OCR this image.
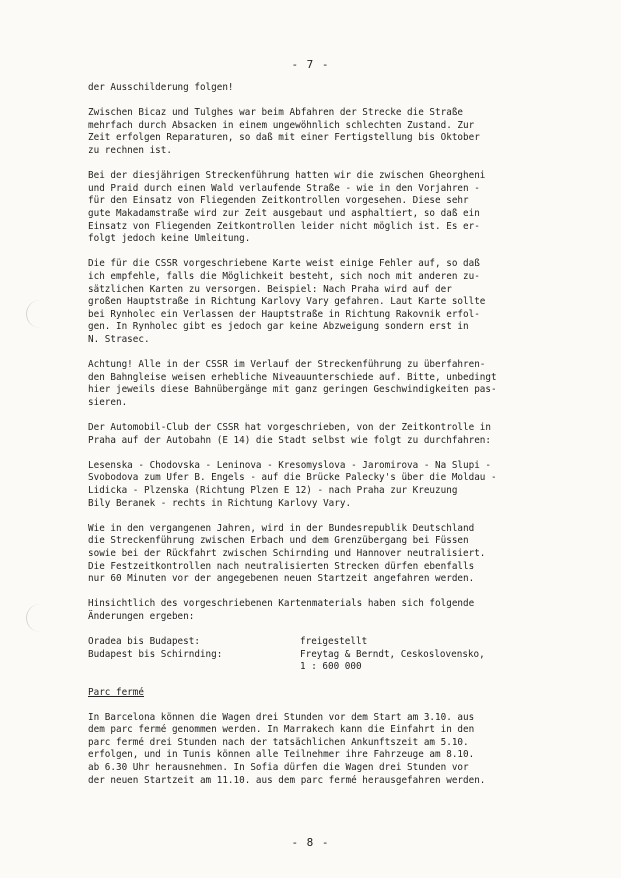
- 7 -
der Ausschilderung folgen!
Zwischen Bicaz und Tulghes war beim Abfahren der Strecke die Straße
mehrfach durch Absacken in einem ungewöhnlich schlechten Zustand. Zur
Zeit erfolgen Reparaturen, so daß mit einer Fertigstellung bis Oktober
zu rechnen ist.
Bei der diesjährigen Streckenführung hatten wir die zwischen Gheorgheni
und Praid durch einen Wald verlaufende Straße - wie in den Vorjahren -
für den Einsatz von Fliegenden Zeitkontrollen vorgesehen. Diese sehr
gute Makadamstraße wird zur Zeit ausgebaut und asphaltiert, so daß ein
Einsatz von Fliegenden Zeitkontrollen leider nicht möglich ist. Es er-
folgt jedoch keine Umleitung.
Die für die CSSR vorgeschriebene Karte weist einige Fehler auf, so daß
ich empfehle, falls die Möglichkeit besteht, sich noch mit anderen zu-
sätzlichen Karten zu versorgen. Beispiel: Nach Praha wird auf der
großen Hauptstraße in Richtung Karlovy Vary gefahren. Laut Karte sollte
bei Rynholec ein Verlassen der Hauptstraße in Richtung Rakovnik erfol-
gen. In Rynholec gibt es jedoch gar keine Abzweigung sondern erst in
N. Strasec.
Achtung! Alle in der CSSR im Verlauf der Streckenführung zu überfahren-
den Bahngleise weisen erhebliche Niveauunterschiede auf. Bitte, unbedingt
hier jeweils diese Bahnübergänge mit ganz geringen Geschwindigkeiten pas-
sieren.
Der Automobil-Club der CSSR hat vorgeschrieben, von der Zeitkontrolle in
Praha auf der Autobahn (E 14) die Stadt selbst wie folgt zu durchfahren:
Lesenska - Chodovska - Leninova - Kresomyslova - Jaromirova - Na Slupi -
Svobodova zum Ufer B. Engels - auf die Brücke Palecky's über die Moldau -
Lidicka - Plzenska (Richtung Plzen E 12) - nach Praha zur Kreuzung
Bily Beranek - rechts in Richtung Karlovy Vary.
Wie in den vergangenen Jahren, wird in der Bundesrepublik Deutschland
die Streckenführung zwischen Erbach und dem Grenzübergang bei Füssen
sowie bei der Rückfahrt zwischen Schirnding und Hannover neutralisiert.
Die Festzeitkontrollen nach neutralisierten Strecken dürfen ebenfalls
nur 60 Minuten vor der angegebenen neuen Startzeit angefahren werden.
Hinsichtlich des vorgeschriebenen Kartenmaterials haben sich folgende
Änderungen ergeben:
Oradea bis Budapest:	freigestellt
Budapest bis Schirnding:	Freytag & Berndt, Ceskoslovensko,
1 : 600 000
Parc fermé
In Barcelona können die Wagen drei Stunden vor dem Start am 3.10. aus
dem parc fermé genommen werden. In Marrakech kann die Einfahrt in den
parc fermé drei Stunden nach der tatsächlichen Ankunftszeit am 5.10.
erfolgen, und in Tunis können alle Teilnehmer ihre Fahrzeuge am 8.10.
ab 6.30 Uhr herausnehmen. In Sofia dürfen die Wagen drei Stunden vor
der neuen Startzeit am 11.10. aus dem parc fermé herausgefahren werden.
- 8 -
